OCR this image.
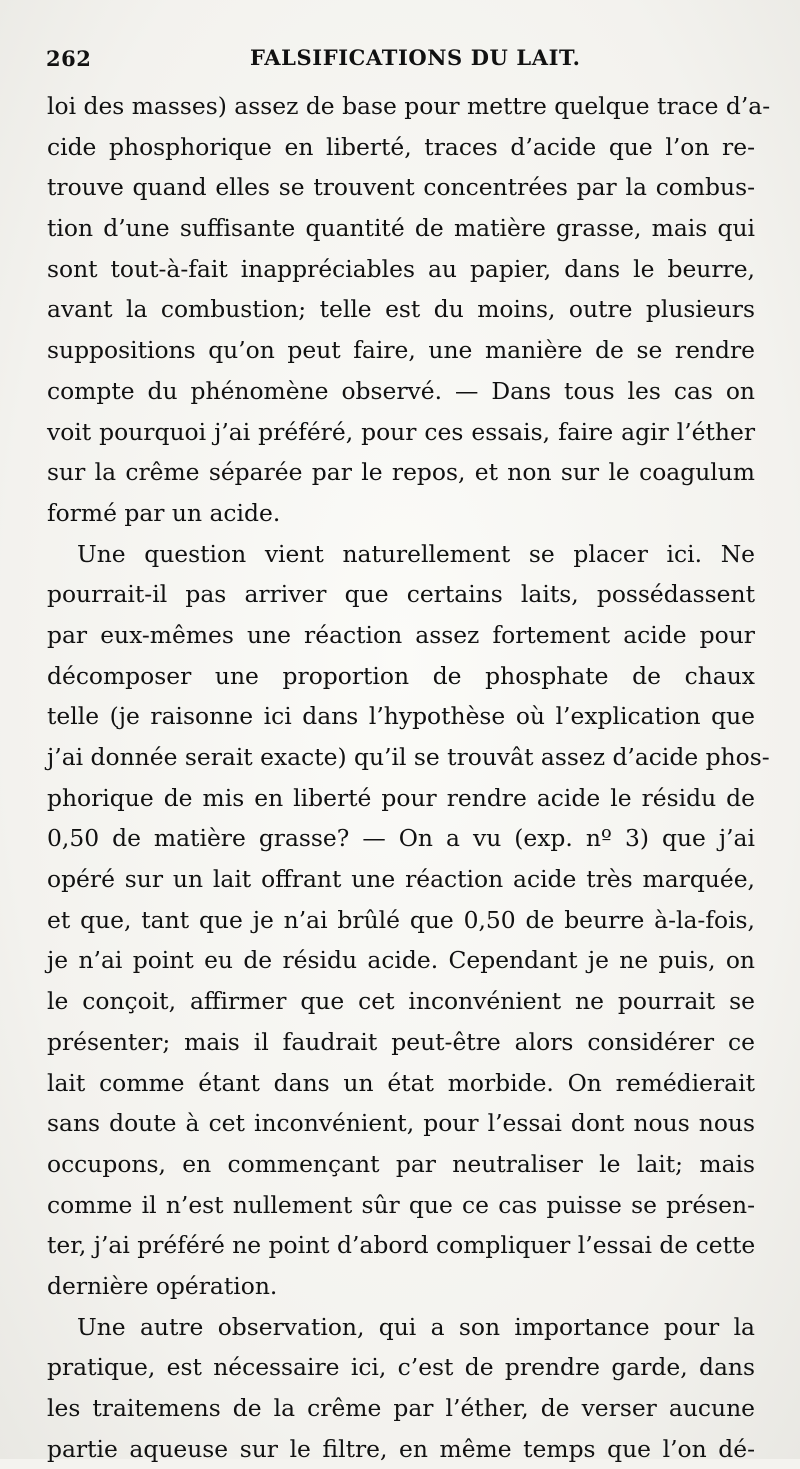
262	FALSIFICATIONS DU LAIT.
loi des masses) assez de base pour mettre quelque trace d’a-
cide phosphorique en liberté, traces d’acide que l’on re-
trouve quand elles se trouvent concentrées par la combus-
tion d’une suffisante quantité de matière grasse, mais qui
sont tout-à-fait inappréciables au papier, dans le beurre,
avant la combustion; telle est du moins, outre plusieurs
suppositions qu’on peut faire, une manière de se rendre
compte du phénomène observé. — Dans tous les cas on
voit pourquoi j’ai préféré, pour ces essais, faire agir l’éther
sur la crême séparée par le repos, et non sur le coagulum
formé par un acide.
Une question vient naturellement se placer ici. Ne
pourrait-il pas arriver que certains laits, possédassent
par eux-mêmes une réaction assez fortement acide pour
décomposer une proportion de phosphate de chaux
telle (je raisonne ici dans l’hypothèse où l’explication que
j’ai donnée serait exacte) qu’il se trouvât assez d’acide phos-
phorique de mis en liberté pour rendre acide le résidu de
0,50 de matière grasse? — On a vu (exp. nº 3) que j’ai
opéré sur un lait offrant une réaction acide très marquée,
et que, tant que je n’ai brûlé que 0,50 de beurre à-la-fois,
je n’ai point eu de résidu acide. Cependant je ne puis, on
le conçoit, affirmer que cet inconvénient ne pourrait se
présenter; mais il faudrait peut-être alors considérer ce
lait comme étant dans un état morbide. On remédierait
sans doute à cet inconvénient, pour l’essai dont nous nous
occupons, en commençant par neutraliser le lait; mais
comme il n’est nullement sûr que ce cas puisse se présen-
ter, j’ai préféré ne point d’abord compliquer l’essai de cette
dernière opération.
Une autre observation, qui a son importance pour la
pratique, est nécessaire ici, c’est de prendre garde, dans
les traitemens de la crême par l’éther, de verser aucune
partie aqueuse sur le filtre, en même temps que l’on dé-
